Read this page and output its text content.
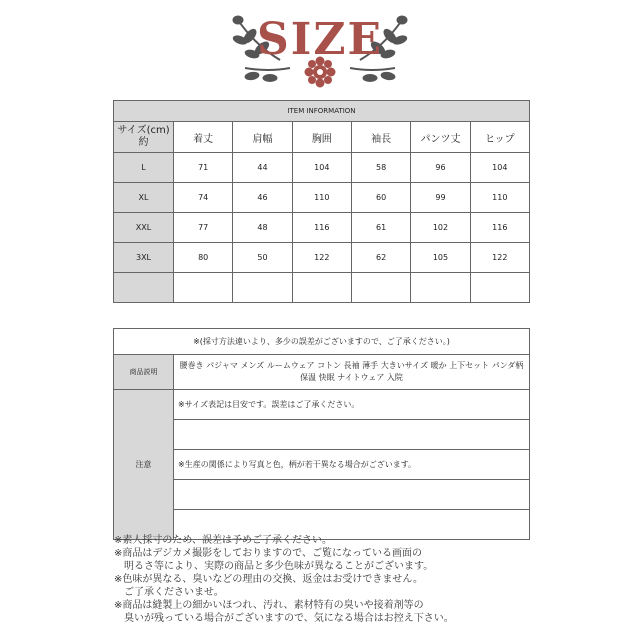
SIZE
ITEM INFORMATION						
サイズ(cm)
約	着丈	肩幅	胸囲	袖長	パンツ丈	ヒップ
L	71	44	104	58	96	104
XL	74	46	110	60	99	110
XXL	77	48	116	61	102	116
3XL	80	50	122	62	105	122

※(採寸方法違いより、多少の誤差がございますので、ご了承ください。)	
商品説明	腰巻き パジャマ メンズ ルームウェア コトン 長袖 薄手 大きいサイズ 暖か 上下セット パンダ柄 保温 快眠 ナイトウェア 入院
注意	※サイズ表記は目安です。誤差はご了承ください。

	※生産の関係により写真と色，柄が若干異なる場合がございます。

※素人採寸のため、誤差は予めご了承ください。
※商品はデジカメ撮影をしておりますので、ご覧になっている画面の
　明るさ等により、実際の商品と多少色味が異なることがございます。
※色味が異なる、臭いなどの理由の交換、返金はお受けできません。
　ご了承くださいませ。
※商品は縫製上の細かいほつれ、汚れ、素材特有の臭いや接着剤等の
　臭いが残っている場合がございますので、気になる場合はお控え下さい。
